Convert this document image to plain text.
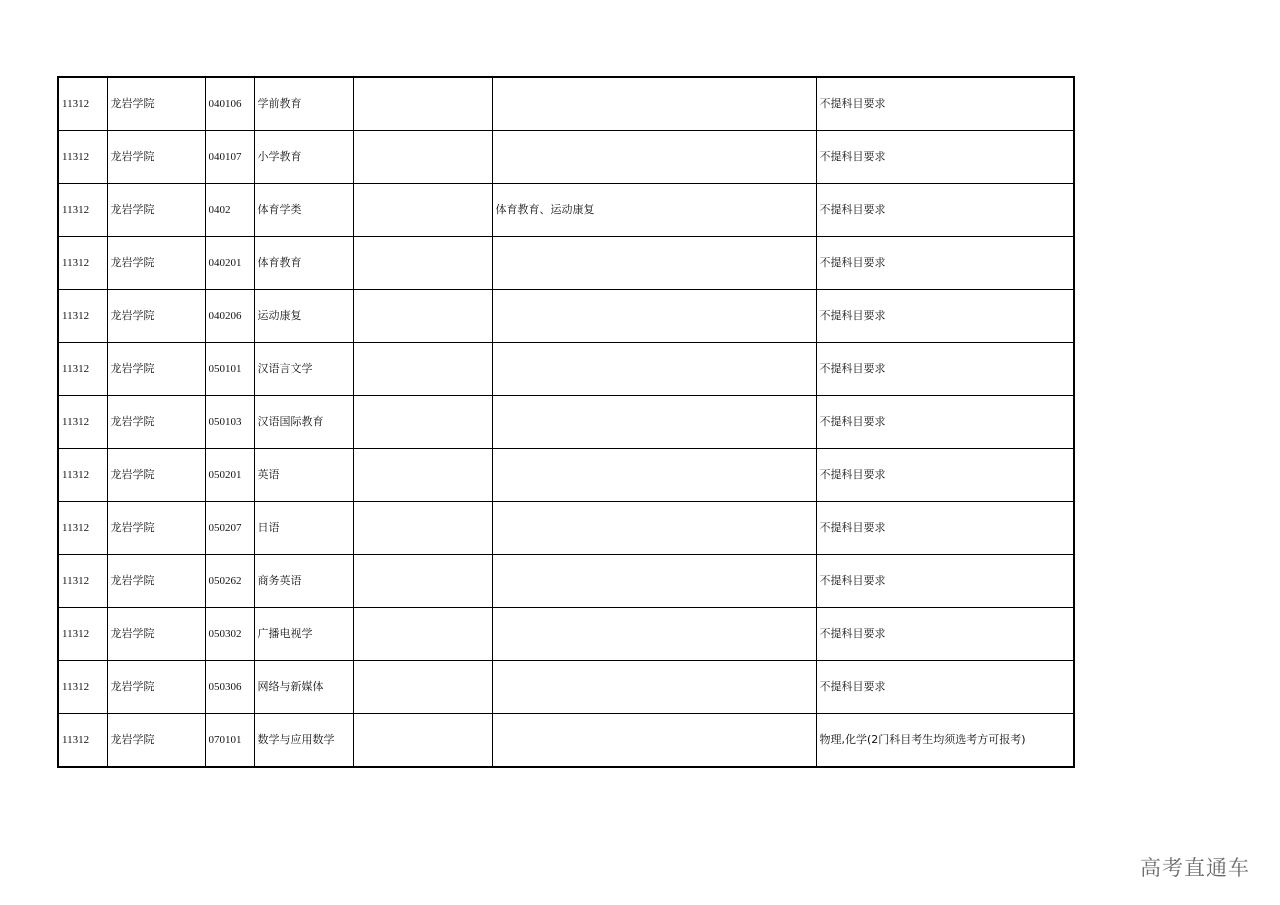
11312	龙岩学院	040106	学前教育			不提科目要求
11312	龙岩学院	040107	小学教育			不提科目要求
11312	龙岩学院	0402	体育学类		体育教育、运动康复	不提科目要求
11312	龙岩学院	040201	体育教育			不提科目要求
11312	龙岩学院	040206	运动康复			不提科目要求
11312	龙岩学院	050101	汉语言文学			不提科目要求
11312	龙岩学院	050103	汉语国际教育			不提科目要求
11312	龙岩学院	050201	英语			不提科目要求
11312	龙岩学院	050207	日语			不提科目要求
11312	龙岩学院	050262	商务英语			不提科目要求
11312	龙岩学院	050302	广播电视学			不提科目要求
11312	龙岩学院	050306	网络与新媒体			不提科目要求
11312	龙岩学院	070101	数学与应用数学			物理,化学(2门科目考生均须选考方可报考)
高考直通车
